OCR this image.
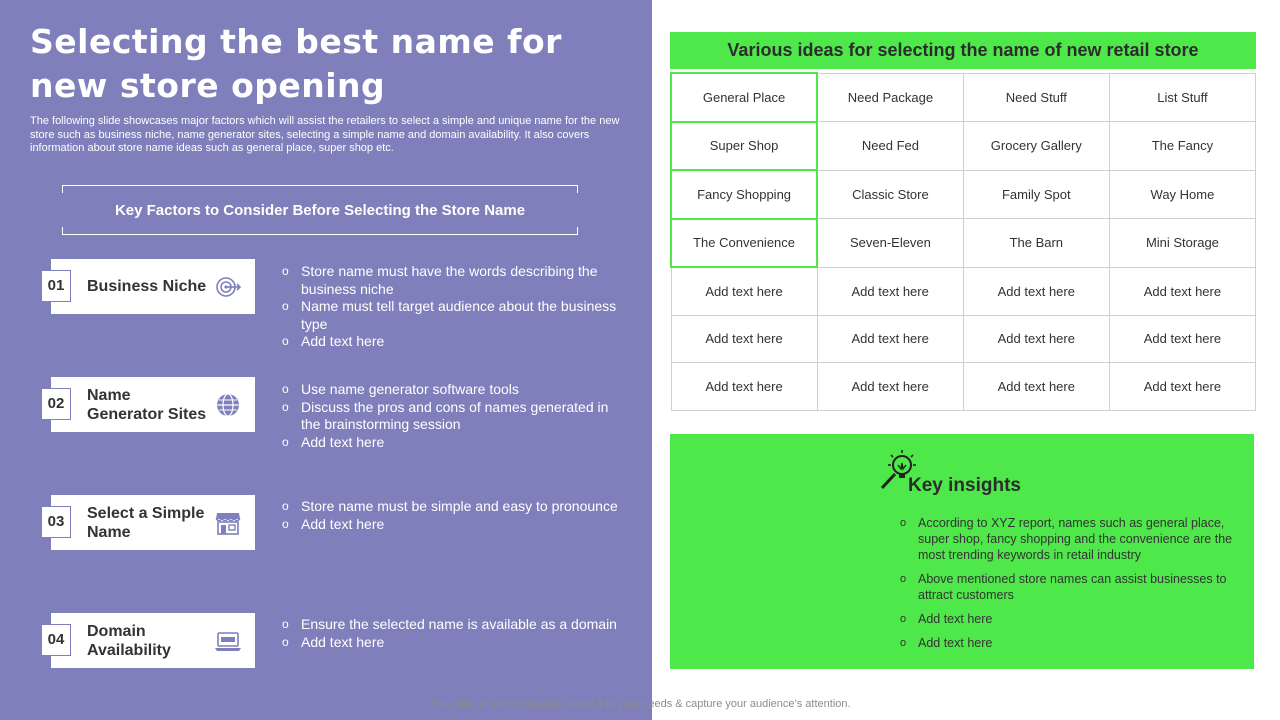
Selecting the best name for new store opening
The following slide showcases major factors which will assist the retailers to select a simple and unique name for the new store such as business niche, name generator sites, selecting a simple name and domain availability. It also covers information about store name ideas such as general place, super shop etc.
Key Factors to Consider Before Selecting the Store Name
01	Business Niche
o Store name must have the words describing the business niche
o Name must tell target audience about the business type
o Add text here
02	Name Generator Sites
o Use name generator software tools
o Discuss the pros and cons of names generated in the brainstorming session
o Add text here
03	Select a Simple Name
o Store name must be simple and easy to pronounce
o Add text here
04	Domain Availability
o Ensure the selected name is available as a domain
o Add text here
Various ideas for selecting the name of new retail store
General Place	Need Package	Need Stuff	List Stuff
Super Shop	Need Fed	Grocery Gallery	The Fancy
Fancy Shopping	Classic Store	Family Spot	Way Home
The Convenience	Seven-Eleven	The Barn	Mini Storage
Add text here	Add text here	Add text here	Add text here
Add text here	Add text here	Add text here	Add text here
Add text here	Add text here	Add text here	Add text here
Key insights
o According to XYZ report, names such as general place, super shop, fancy shopping and the convenience are the most trending keywords in retail industry
o Above mentioned store names can assist businesses to attract customers
o Add text here
o Add text here
This slide is 100% editable. Adapt it to your needs & capture your audience’s attention.
